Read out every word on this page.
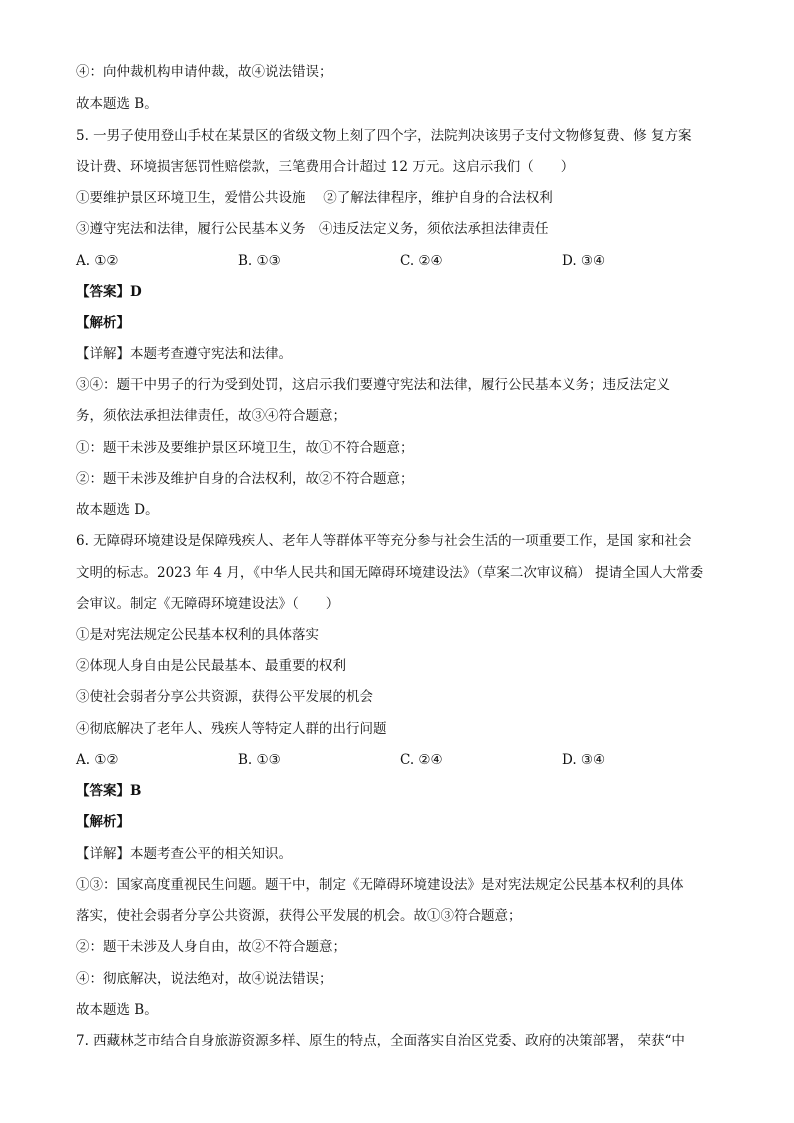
④：向仲裁机构申请仲裁，故④说法错误；
故本题选 B。
5. 一男子使用登山手杖在某景区的省级文物上刻了四个字，法院判决该男子支付文物修复费、修 复方案
设计费、环境损害惩罚性赔偿款，三笔费用合计超过 12 万元。这启示我们（　　）
①要维护景区环境卫生，爱惜公共设施　 ②了解法律程序，维护自身的合法权利
③遵守宪法和法律，履行公民基本义务　④违反法定义务，须依法承担法律责任
A. ①②	B. ①③	C. ②④	D. ③④
【答案】D
【解析】
【详解】本题考查遵守宪法和法律。
③④：题干中男子的行为受到处罚，这启示我们要遵守宪法和法律，履行公民基本义务；违反法定义
务，须依法承担法律责任，故③④符合题意；
①：题干未涉及要维护景区环境卫生，故①不符合题意；
②：题干未涉及维护自身的合法权利，故②不符合题意；
故本题选 D。
6. 无障碍环境建设是保障残疾人、老年人等群体平等充分参与社会生活的一项重要工作，是国 家和社会
文明的标志。2023 年 4 月，《中华人民共和国无障碍环境建设法》（草案二次审议稿） 提请全国人大常委
会审议。制定《无障碍环境建设法》（　　）
①是对宪法规定公民基本权利的具体落实
②体现人身自由是公民最基本、最重要的权利
③使社会弱者分享公共资源，获得公平发展的机会
④彻底解决了老年人、残疾人等特定人群的出行问题
A. ①②	B. ①③	C. ②④	D. ③④
【答案】B
【解析】
【详解】本题考查公平的相关知识。
①③：国家高度重视民生问题。题干中，制定《无障碍环境建设法》是对宪法规定公民基本权利的具体
落实，使社会弱者分享公共资源，获得公平发展的机会。故①③符合题意；
②：题干未涉及人身自由，故②不符合题意；
④：彻底解决，说法绝对，故④说法错误；
故本题选 B。
7. 西藏林芝市结合自身旅游资源多样、原生的特点，全面落实自治区党委、政府的决策部署， 荣获“中
